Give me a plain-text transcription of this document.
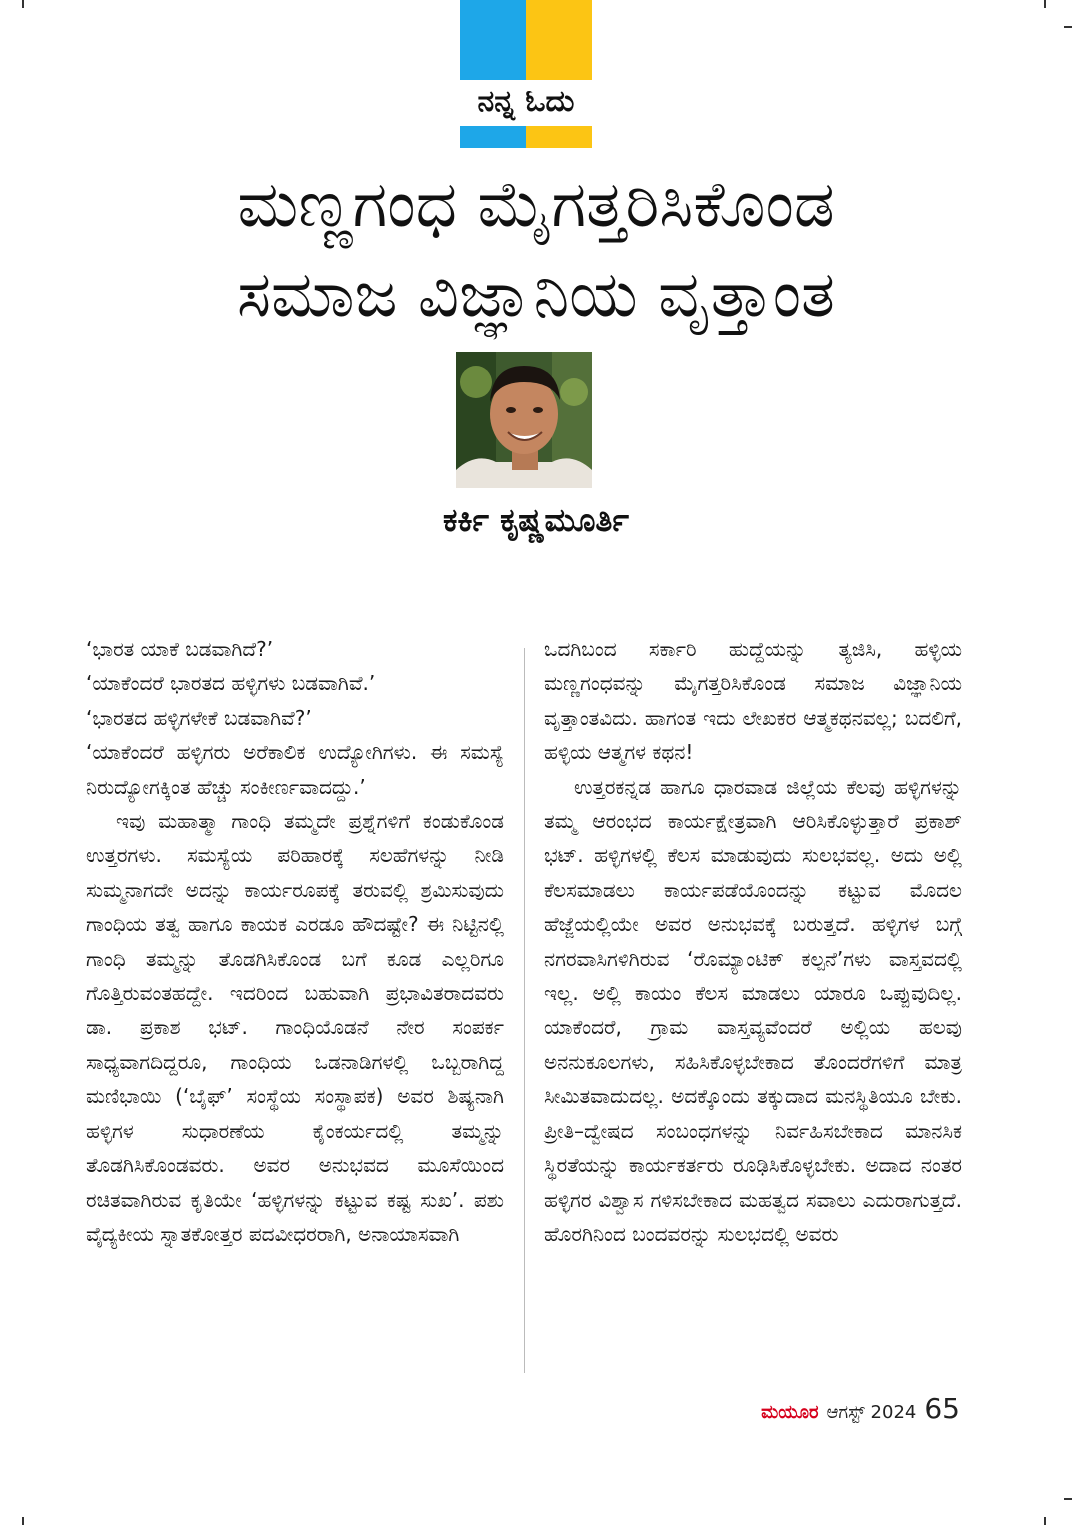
ನನ್ನ ಓದು
ಮಣ್ಣಗಂಧ ಮೈಗತ್ತರಿಸಿಕೊಂಡ
ಸಮಾಜ ವಿಜ್ಞಾನಿಯ ವೃತ್ತಾಂತ
ಕರ್ಕಿ ಕೃಷ್ಣಮೂರ್ತಿ

‘ಭಾರತ ಯಾಕೆ ಬಡವಾಗಿದೆ?’

‘ಯಾಕೆಂದರೆ ಭಾರತದ ಹಳ್ಳಿಗಳು ಬಡವಾಗಿವೆ.’

‘ಭಾರತದ ಹಳ್ಳಿಗಳೇಕೆ ಬಡವಾಗಿವೆ?’

‘ಯಾಕೆಂದರೆ ಹಳ್ಳಿಗರು ಅರೆಕಾಲಿಕ ಉದ್ಯೋಗಿಗಳು. ಈ ಸಮಸ್ಯೆ ನಿರುದ್ಯೋಗಕ್ಕಿಂತ ಹೆಚ್ಚು ಸಂಕೀರ್ಣವಾದದ್ದು.’

ಇವು ಮಹಾತ್ಮಾ ಗಾಂಧಿ ತಮ್ಮದೇ ಪ್ರಶ್ನೆಗಳಿಗೆ ಕಂಡುಕೊಂಡ ಉತ್ತರಗಳು. ಸಮಸ್ಯೆಯ ಪರಿಹಾರಕ್ಕೆ ಸಲಹೆಗಳನ್ನು ನೀಡಿ ಸುಮ್ಮನಾಗದೇ ಅದನ್ನು ಕಾರ್ಯರೂಪಕ್ಕೆ ತರುವಲ್ಲಿ ಶ್ರಮಿಸುವುದು ಗಾಂಧಿಯ ತತ್ವ ಹಾಗೂ ಕಾಯಕ ಎರಡೂ ಹೌದಷ್ಟೇ? ಈ ನಿಟ್ಟಿನಲ್ಲಿ ಗಾಂಧಿ ತಮ್ಮನ್ನು ತೊಡಗಿಸಿಕೊಂಡ ಬಗೆ ಕೂಡ ಎಲ್ಲರಿಗೂ ಗೊತ್ತಿರುವಂತಹದ್ದೇ. ಇದರಿಂದ ಬಹುವಾಗಿ ಪ್ರಭಾವಿತರಾದವರು ಡಾ. ಪ್ರಕಾಶ ಭಟ್. ಗಾಂಧಿಯೊಡನೆ ನೇರ ಸಂಪರ್ಕ ಸಾಧ್ಯವಾಗದಿದ್ದರೂ, ಗಾಂಧಿಯ ಒಡನಾಡಿಗಳಲ್ಲಿ ಒಬ್ಬರಾಗಿದ್ದ ಮಣಿಭಾಯಿ (‘ಬೈಫ್’ ಸಂಸ್ಥೆಯ ಸಂಸ್ಥಾಪಕ) ಅವರ ಶಿಷ್ಯನಾಗಿ ಹಳ್ಳಿಗಳ ಸುಧಾರಣೆಯ ಕೈಂಕರ್ಯದಲ್ಲಿ ತಮ್ಮನ್ನು ತೊಡಗಿಸಿಕೊಂಡವರು. ಅವರ ಅನುಭವದ ಮೂಸೆಯಿಂದ ರಚಿತವಾಗಿರುವ ಕೃತಿಯೇ ‘ಹಳ್ಳಿಗಳನ್ನು ಕಟ್ಟುವ ಕಷ್ಟ ಸುಖ’. ಪಶು ವೈದ್ಯಕೀಯ ಸ್ನಾತಕೋತ್ತರ ಪದವೀಧರರಾಗಿ, ಅನಾಯಾಸವಾಗಿ

ಒದಗಿಬಂದ ಸರ್ಕಾರಿ ಹುದ್ದೆಯನ್ನು ತ್ಯಜಿಸಿ, ಹಳ್ಳಿಯ ಮಣ್ಣಗಂಧವನ್ನು ಮೈಗತ್ತರಿಸಿಕೊಂಡ ಸಮಾಜ ವಿಜ್ಞಾನಿಯ ವೃತ್ತಾಂತವಿದು. ಹಾಗಂತ ಇದು ಲೇಖಕರ ಆತ್ಮಕಥನವಲ್ಲ; ಬದಲಿಗೆ, ಹಳ್ಳಿಯ ಆತ್ಮಗಳ ಕಥನ!

ಉತ್ತರಕನ್ನಡ ಹಾಗೂ ಧಾರವಾಡ ಜಿಲ್ಲೆಯ ಕೆಲವು ಹಳ್ಳಿಗಳನ್ನು ತಮ್ಮ ಆರಂಭದ ಕಾರ್ಯಕ್ಷೇತ್ರವಾಗಿ ಆರಿಸಿಕೊಳ್ಳುತ್ತಾರೆ ಪ್ರಕಾಶ್ ಭಟ್. ಹಳ್ಳಿಗಳಲ್ಲಿ ಕೆಲಸ ಮಾಡುವುದು ಸುಲಭವಲ್ಲ. ಅದು ಅಲ್ಲಿ ಕೆಲಸಮಾಡಲು ಕಾರ್ಯಪಡೆಯೊಂದನ್ನು ಕಟ್ಟುವ ಮೊದಲ ಹೆಜ್ಜೆಯಲ್ಲಿಯೇ ಅವರ ಅನುಭವಕ್ಕೆ ಬರುತ್ತದೆ. ಹಳ್ಳಿಗಳ ಬಗ್ಗೆ ನಗರವಾಸಿಗಳಿಗಿರುವ ‘ರೊಮ್ಯಾಂಟಿಕ್ ಕಲ್ಪನೆ’ಗಳು ವಾಸ್ತವದಲ್ಲಿ ಇಲ್ಲ. ಅಲ್ಲಿ ಕಾಯಂ ಕೆಲಸ ಮಾಡಲು ಯಾರೂ ಒಪ್ಪುವುದಿಲ್ಲ. ಯಾಕೆಂದರೆ, ಗ್ರಾಮ ವಾಸ್ತವ್ಯವೆಂದರೆ ಅಲ್ಲಿಯ ಹಲವು ಅನನುಕೂಲಗಳು, ಸಹಿಸಿಕೊಳ್ಳಬೇಕಾದ ತೊಂದರೆಗಳಿಗೆ ಮಾತ್ರ ಸೀಮಿತವಾದುದಲ್ಲ. ಅದಕ್ಕೊಂದು ತಕ್ಕುದಾದ ಮನಸ್ಥಿತಿಯೂ ಬೇಕು. ಪ್ರೀತಿ–ದ್ವೇಷದ ಸಂಬಂಧಗಳನ್ನು ನಿರ್ವಹಿಸಬೇಕಾದ ಮಾನಸಿಕ ಸ್ಥಿರತೆಯನ್ನು ಕಾರ್ಯಕರ್ತರು ರೂಢಿಸಿಕೊಳ್ಳಬೇಕು. ಅದಾದ ನಂತರ ಹಳ್ಳಿಗರ ವಿಶ್ವಾಸ ಗಳಿಸಬೇಕಾದ ಮಹತ್ವದ ಸವಾಲು ಎದುರಾಗುತ್ತದೆ. ಹೊರಗಿನಿಂದ ಬಂದವರನ್ನು ಸುಲಭದಲ್ಲಿ ಅವರು

ಮಯೂರ ಆಗಸ್ಟ್ 2024 65
